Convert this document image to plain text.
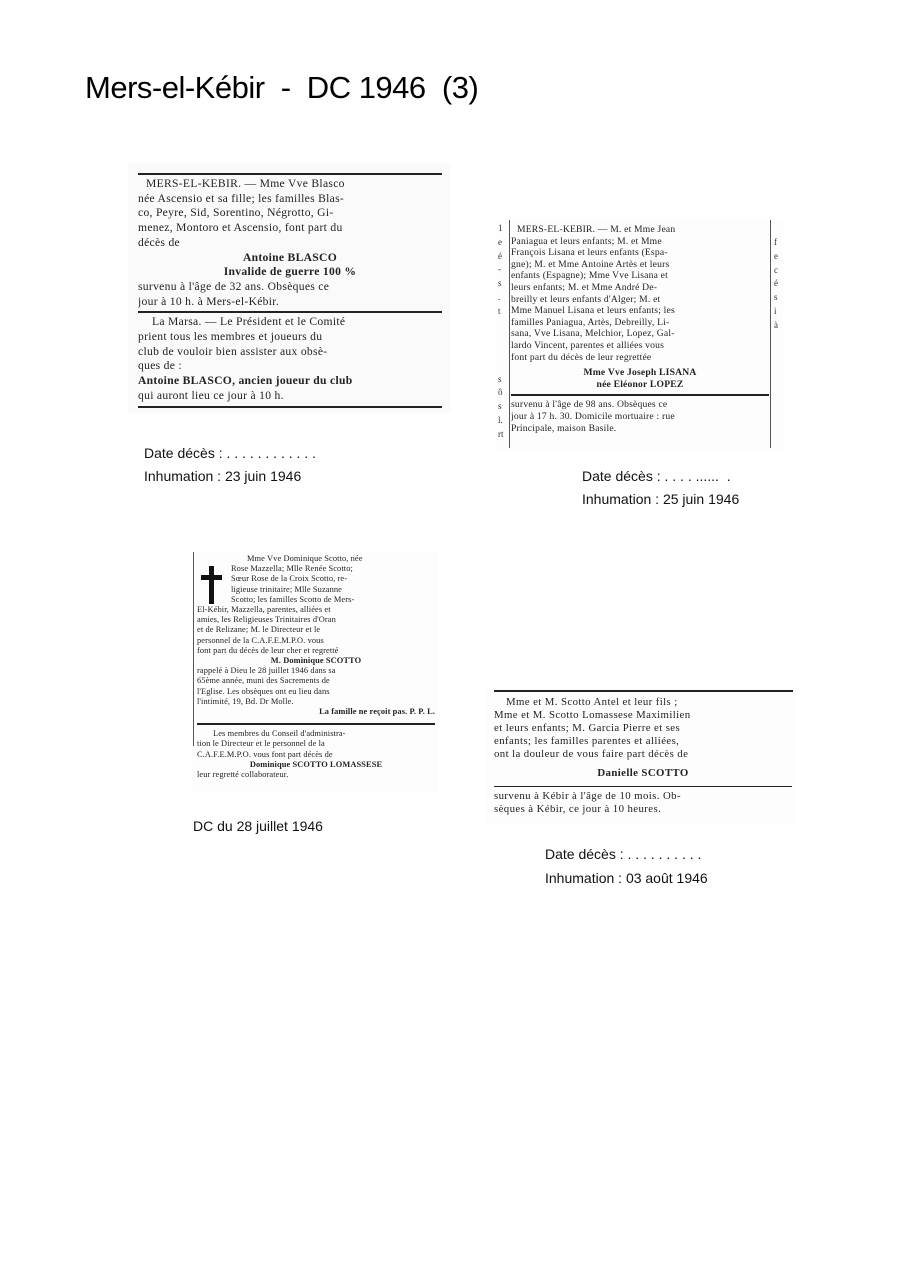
Mers-el-Kébir  -  DC 1946  (3)
MERS-EL-KEBIR. — Mme Vve Blasco
née Ascensio et sa fille; les familles Blas-
co, Peyre, Sid, Sorentino, Négrotto, Gi-
menez, Montoro et Ascensio, font part du
décès de
Antoine BLASCO
Invalide de guerre 100 %
survenu à l'âge de 32 ans. Obsèques ce
jour à 10 h. à Mers-el-Kébir.
La Marsa. — Le Président et le Comité
prient tous les membres et joueurs du
club de vouloir bien assister aux obsè-
ques de :
Antoine BLASCO, ancien joueur du club
qui auront lieu ce jour à 10 h.
Date décès : . . . . . . . . . . . .
Inhumation : 23 juin 1946
1
e
é
-
s
.
t
s
ô
s
l.
rt
f
e
c
é
s
i
à
MERS-EL-KEBIR. — M. et Mme Jean
Paniagua et leurs enfants; M. et Mme
François Lisana et leurs enfants (Espa-
gne); M. et Mme Antoine Artès et leurs
enfants (Espagne); Mme Vve Lisana et
leurs enfants; M. et Mme André De-
breilly et leurs enfants d'Alger; M. et
Mme Manuel Lisana et leurs enfants; les
familles Paniagua, Artès, Debreilly, Li-
sana, Vve Lisana, Melchior, Lopez, Gal-
lardo Vincent, parentes et alliées vous
font part du décès de leur regrettée
Mme Vve Joseph LISANA
née Eléonor LOPEZ
survenu à l'âge de 98 ans. Obsèques ce
jour à 17 h. 30. Domicile mortuaire : rue
Principale, maison Basile.
Date décès : . . . . ......  .
Inhumation : 25 juin 1946
Mme Vve Dominique Scotto, née
Rose Mazzella; Mlle Renée Scotto;
Sœur Rose de la Croix Scotto, re-
ligieuse trinitaire; Mlle Suzanne
Scotto; les familles Scotto de Mers-
El-Kébir, Mazzella, parentes, alliées et
amies, les Religieuses Trinitaires d'Oran
et de Relizane; M. le Directeur et le
personnel de la C.A.F.E.M.P.O. vous
font part du décès de leur cher et regretté
M. Dominique SCOTTO
rappelé à Dieu le 28 juillet 1946 dans sa
65ème année, muni des Sacrements de
l'Eglise. Les obsèques ont eu lieu dans
l'intimité, 19, Bd. Dr Molle.
La famille ne reçoit pas. P. P. L.
Les membres du Conseil d'administra-
tion le Directeur et le personnel de la
C.A.F.E.M.P.O. vous font part décès de
Dominique SCOTTO LOMASSESE
leur regretté collaborateur.
DC du 28 juillet 1946
Mme et M. Scotto Antel et leur fils ;
Mme et M. Scotto Lomassese Maximilien
et leurs enfants; M. Garcia Pierre et ses
enfants; les familles parentes et alliées,
ont la douleur de vous faire part décès de
Danielle SCOTTO
survenu à Kébir à l'âge de 10 mois. Ob-
sèques à Kébir, ce jour à 10 heures.
Date décès : . . . . . . . . . .
Inhumation : 03 août 1946
